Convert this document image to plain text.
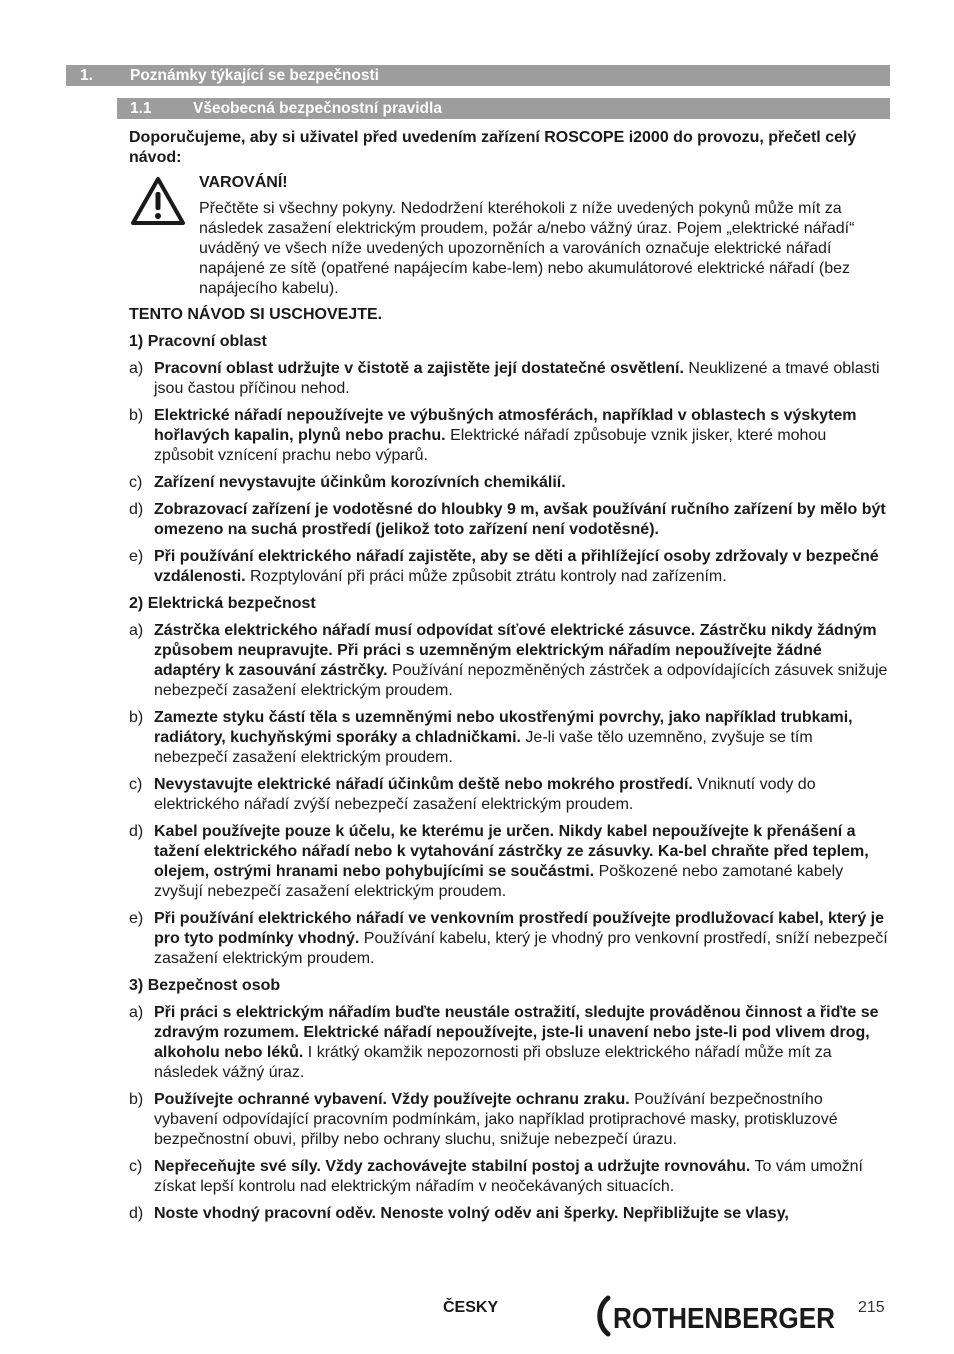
1. Poznámky týkající se bezpečnosti
1.1	Všeobecná bezpečnostní pravidla

Doporučujeme, aby si uživatel před uvedením zařízení ROSCOPE i2000 do provozu, přečetl celý návod:

VAROVÁNÍ!

Přečtěte si všechny pokyny. Nedodržení kteréhokoli z níže uvedených pokynů může mít za následek zasažení elektrickým proudem, požár a/nebo vážný úraz. Pojem „elektrické nářadí“ uváděný ve všech níže uvedených upozorněních a varováních označuje elektrické nářadí napájené ze sítě (opatřené napájecím kabe-lem) nebo akumulátorové elektrické nářadí (bez napájecího kabelu).

TENTO NÁVOD SI USCHOVEJTE.

1) Pracovní oblast
a) Pracovní oblast udržujte v čistotě a zajistěte její dostatečné osvětlení. Neuklizené a tmavé oblasti jsou častou příčinou nehod.
b) Elektrické nářadí nepoužívejte ve výbušných atmosférách, například v oblastech s výskytem hořlavých kapalin, plynů nebo prachu. Elektrické nářadí způsobuje vznik jisker, které mohou způsobit vznícení prachu nebo výparů.
c) Zařízení nevystavujte účinkům korozívních chemikálií.
d) Zobrazovací zařízení je vodotěsné do hloubky 9 m, avšak používání ručního zařízení by mělo být omezeno na suchá prostředí (jelikož toto zařízení není vodotěsné).
e) Při používání elektrického nářadí zajistěte, aby se děti a přihlížející osoby zdržovaly v bezpečné vzdálenosti. Rozptylování při práci může způsobit ztrátu kontroly nad zařízením.
2) Elektrická bezpečnost
a) Zástrčka elektrického nářadí musí odpovídat síťové elektrické zásuvce. Zástrčku nikdy žádným způsobem neupravujte. Při práci s uzemněným elektrickým nářadím nepoužívejte žádné adaptéry k zasouvání zástrčky. Používání nepozměněných zástrček a odpovídajících zásuvek snižuje nebezpečí zasažení elektrickým proudem.
b) Zamezte styku částí těla s uzemněnými nebo ukostřenými povrchy, jako například trubkami, radiátory, kuchyňskými sporáky a chladničkami. Je-li vaše tělo uzemněno, zvyšuje se tím nebezpečí zasažení elektrickým proudem.
c) Nevystavujte elektrické nářadí účinkům deště nebo mokrého prostředí. Vniknutí vody do elektrického nářadí zvýší nebezpečí zasažení elektrickým proudem.
d) Kabel používejte pouze k účelu, ke kterému je určen. Nikdy kabel nepoužívejte k přenášení a tažení elektrického nářadí nebo k vytahování zástrčky ze zásuvky. Ka-bel chraňte před teplem, olejem, ostrými hranami nebo pohybujícími se součástmi. Poškozené nebo zamotané kabely zvyšují nebezpečí zasažení elektrickým proudem.
e) Při používání elektrického nářadí ve venkovním prostředí používejte prodlužovací kabel, který je pro tyto podmínky vhodný. Používání kabelu, který je vhodný pro venkovní prostředí, sníží nebezpečí zasažení elektrickým proudem.
3) Bezpečnost osob
a) Při práci s elektrickým nářadím buďte neustále ostražití, sledujte prováděnou činnost a řiďte se zdravým rozumem. Elektrické nářadí nepoužívejte, jste-li unavení nebo jste-li pod vlivem drog, alkoholu nebo léků. I krátký okamžik nepozornosti při obsluze elektrického nářadí může mít za následek vážný úraz.
b) Používejte ochranné vybavení. Vždy používejte ochranu zraku. Používání bezpečnostního vybavení odpovídající pracovním podmínkám, jako například protiprachové masky, protiskluzové bezpečnostní obuvi, přilby nebo ochrany sluchu, snižuje nebezpečí úrazu.
c) Nepřeceňujte své síly. Vždy zachovávejte stabilní postoj a udržujte rovnováhu. To vám umožní získat lepší kontrolu nad elektrickým nářadím v neočekávaných situacích.
d) Noste vhodný pracovní oděv. Nenoste volný oděv ani šperky. Nepřibližujte se vlasy,
ČESKY	ROTHENBERGER 215
